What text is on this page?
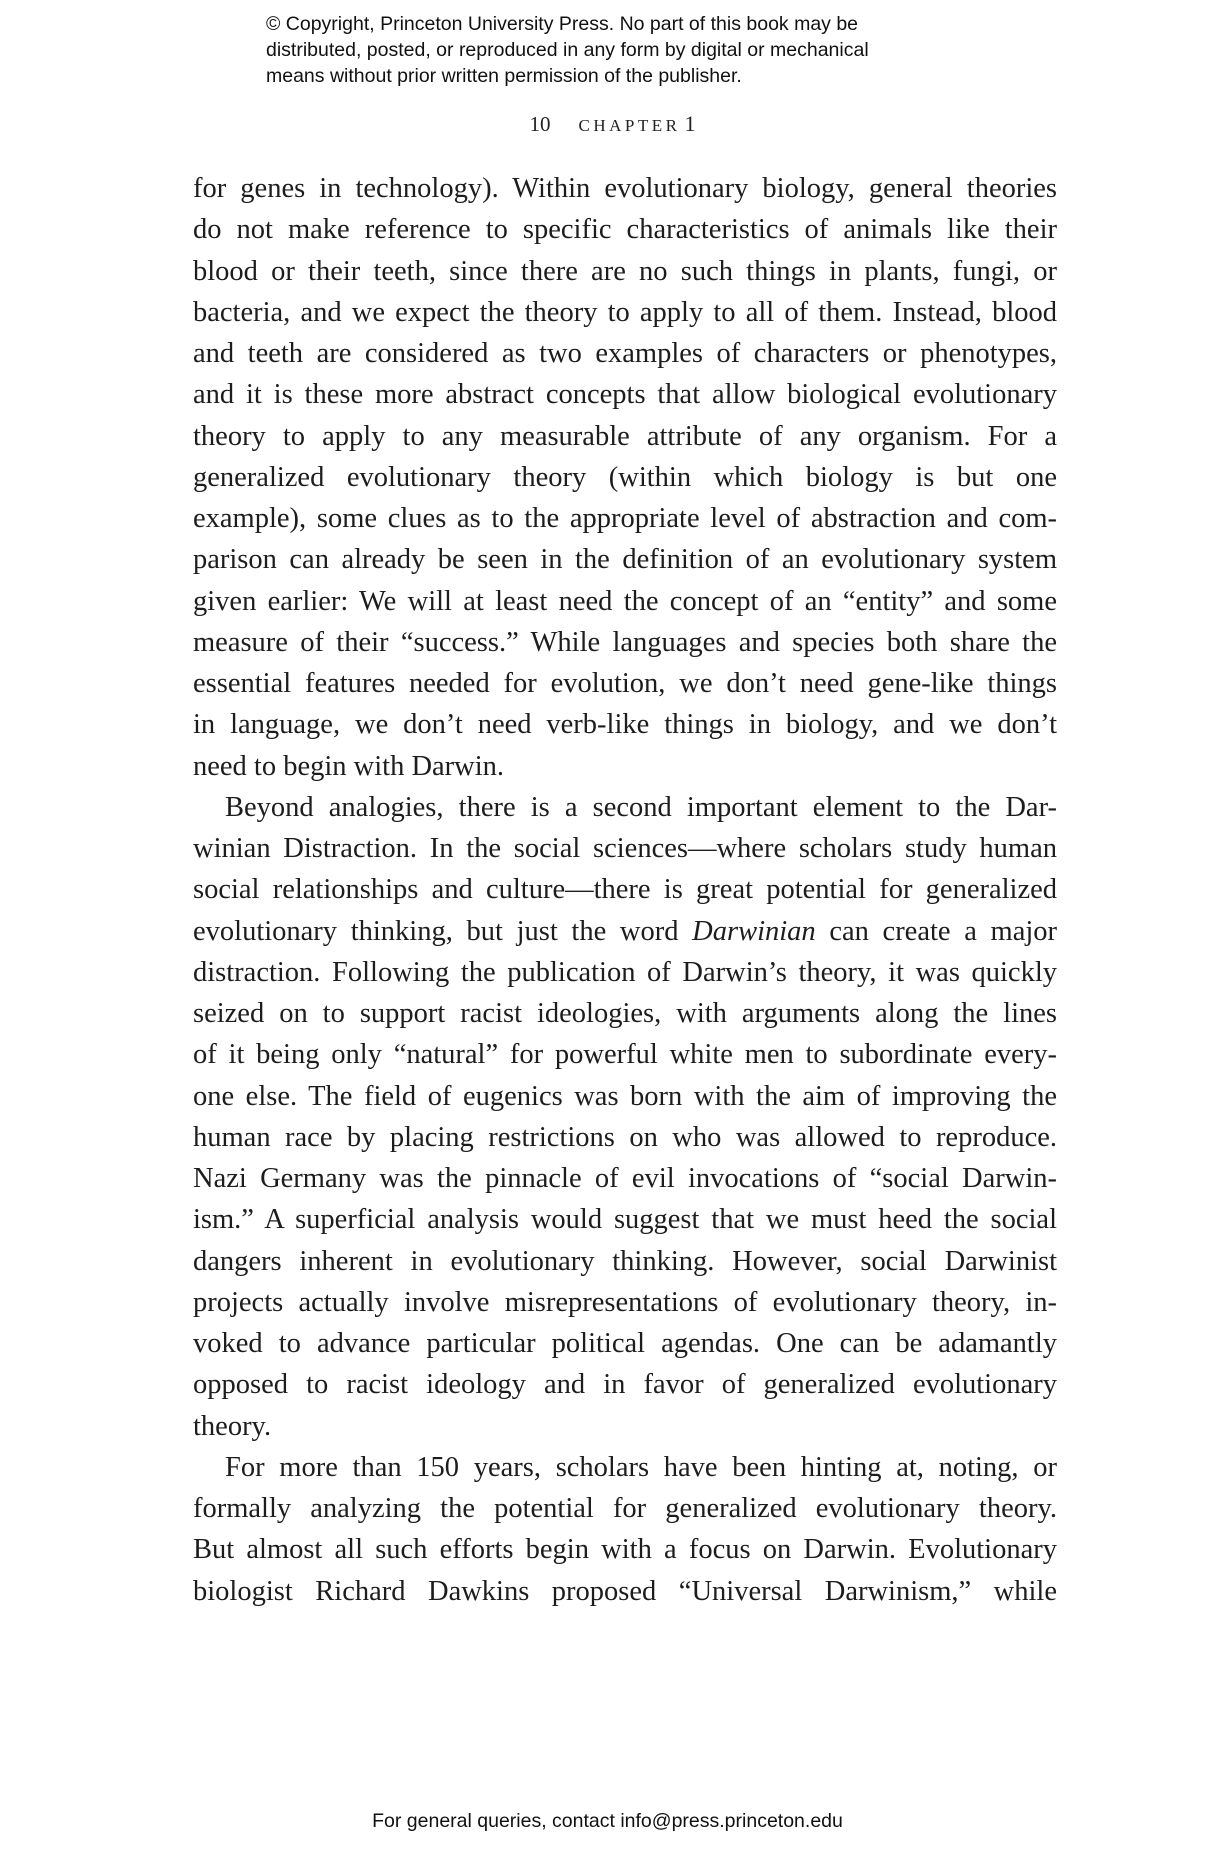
© Copyright, Princeton University Press. No part of this book may be
distributed, posted, or reproduced in any form by digital or mechanical
means without prior written permission of the publisher.
10 chapter 1
for genes in technology). Within evolutionary biology, general theories
do not make reference to specific characteristics of animals like their
blood or their teeth, since there are no such things in plants, fungi, or
bacteria, and we expect the theory to apply to all of them. Instead, blood
and teeth are considered as two examples of characters or phenotypes,
and it is these more abstract concepts that allow biological evolutionary
theory to apply to any measurable attribute of any organism. For a
generalized evolutionary theory (within which biology is but one
example), some clues as to the appropriate level of abstraction and com-
parison can already be seen in the definition of an evolutionary system
given earlier: We will at least need the concept of an “entity” and some
measure of their “success.” While languages and species both share the
essential features needed for evolution, we don’t need gene-like things
in language, we don’t need verb-like things in biology, and we don’t
need to begin with Darwin.
Beyond analogies, there is a second important element to the Dar-
winian Distraction. In the social sciences—where scholars study human
social relationships and culture—there is great potential for generalized
evolutionary thinking, but just the word Darwinian can create a major
distraction. Following the publication of Darwin’s theory, it was quickly
seized on to support racist ideologies, with arguments along the lines
of it being only “natural” for powerful white men to subordinate every-
one else. The field of eugenics was born with the aim of improving the
human race by placing restrictions on who was allowed to reproduce.
Nazi Germany was the pinnacle of evil invocations of “social Darwin-
ism.” A superficial analysis would suggest that we must heed the social
dangers inherent in evolutionary thinking. However, social Darwinist
projects actually involve misrepresentations of evolutionary theory, in-
voked to advance particular political agendas. One can be adamantly
opposed to racist ideology and in favor of generalized evolutionary
theory.
For more than 150 years, scholars have been hinting at, noting, or
formally analyzing the potential for generalized evolutionary theory.
But almost all such efforts begin with a focus on Darwin. Evolutionary
biologist Richard Dawkins proposed “Universal Darwinism,” while
For general queries, contact info@press.princeton.edu
